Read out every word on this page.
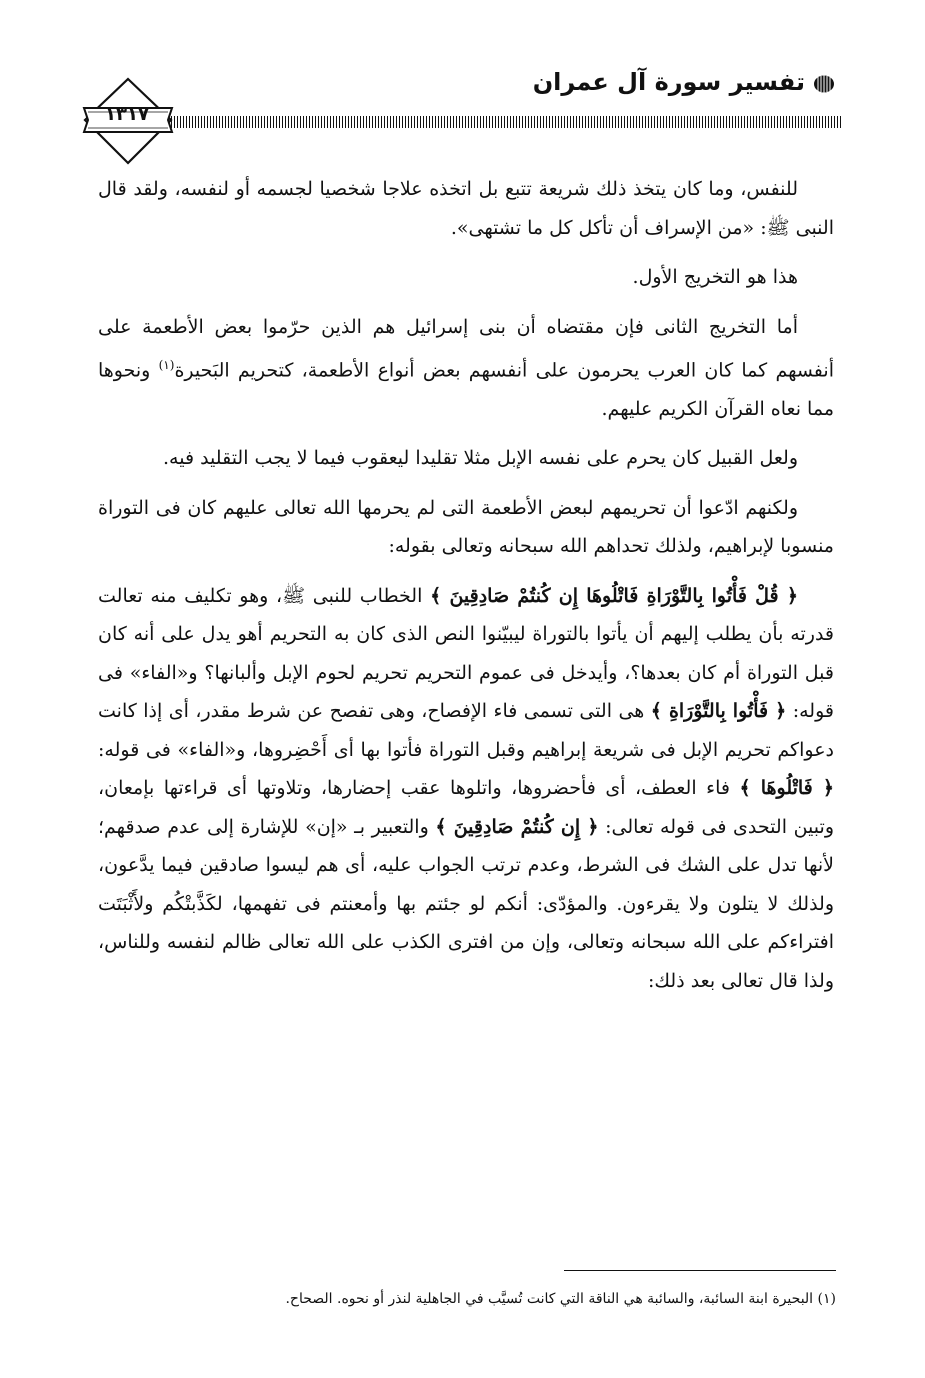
تفسير سورة آل عمران
١٣١٧

للنفس، وما كان يتخذ ذلك شريعة تتبع بل اتخذه علاجا شخصيا لجسمه أو لنفسه، ولقد قال النبى ﷺ: «من الإسراف أن تأكل كل ما تشتهى».

هذا هو التخريج الأول.

أما التخريج الثانى فإن مقتضاه أن بنى إسرائيل هم الذين حرّموا بعض الأطعمة على أنفسهم كما كان العرب يحرمون على أنفسهم بعض أنواع الأطعمة، كتحريم البَحيرة$^{(١)}$ ونحوها مما نعاه القرآن الكريم عليهم.

ولعل القبيل كان يحرم على نفسه الإبل مثلا تقليدا ليعقوب فيما لا يجب التقليد فيه.

ولكنهم ادّعوا أن تحريمهم لبعض الأطعمة التى لم يحرمها الله تعالى عليهم كان فى التوراة منسوبا لإبراهيم، ولذلك تحداهم الله سبحانه وتعالى بقوله:

﴿ قُلْ فَأْتُوا بِالتَّوْرَاةِ فَاتْلُوهَا إِن كُنتُمْ صَادِقِينَ ﴾ الخطاب للنبى ﷺ، وهو تكليف منه تعالت قدرته بأن يطلب إليهم أن يأتوا بالتوراة ليبيّنوا النص الذى كان به التحريم أهو يدل على أنه كان قبل التوراة أم كان بعدها؟، وأيدخل فى عموم التحريم تحريم لحوم الإبل وألبانها؟ و«الفاء» فى قوله: ﴿ فَأْتُوا بِالتَّوْرَاةِ ﴾ هى التى تسمى فاء الإفصاح، وهى تفصح عن شرط مقدر، أى إذا كانت دعواكم تحريم الإبل فى شريعة إبراهيم وقبل التوراة فأتوا بها أى أَحْضِروها، و«الفاء» فى قوله: ﴿ فَاتْلُوهَا ﴾ فاء العطف، أى فأحضروها، واتلوها عقب إحضارها، وتلاوتها أى قراءتها بإمعان، وتبين التحدى فى قوله تعالى: ﴿ إِن كُنتُمْ صَادِقِينَ ﴾ والتعبير بـ «إن» للإشارة إلى عدم صدقهم؛ لأنها تدل على الشك فى الشرط، وعدم ترتب الجواب عليه، أى هم ليسوا صادقين فيما يدَّعون، ولذلك لا يتلون ولا يقرءون. والمؤدّى: أنكم لو جئتم بها وأمعنتم فى تفهمها، لكَذَّبتْكُم ولأَثْبَتَت افتراءكم على الله سبحانه وتعالى، وإن من افترى الكذب على الله تعالى ظالم لنفسه وللناس، ولذا قال تعالى بعد ذلك:

(١) البحيرة ابنة السائبة، والسائبة هي الناقة التي كانت تُسيَّب في الجاهلية لنذر أو نحوه. الصحاح.
